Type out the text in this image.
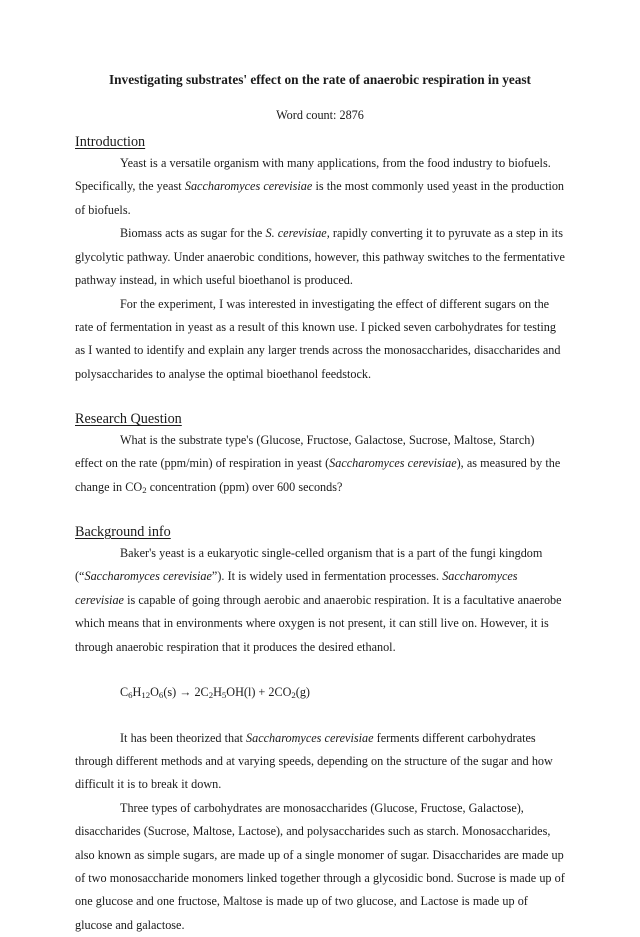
Investigating substrates' effect on the rate of anaerobic respiration in yeast
Word count: 2876
Introduction

Yeast is a versatile organism with many applications, from the food industry to biofuels. Specifically, the yeast Saccharomyces cerevisiae is the most commonly used yeast in the production of biofuels.

Biomass acts as sugar for the S. cerevisiae, rapidly converting it to pyruvate as a step in its glycolytic pathway. Under anaerobic conditions, however, this pathway switches to the fermentative pathway instead, in which useful bioethanol is produced.

For the experiment, I was interested in investigating the effect of different sugars on the rate of fermentation in yeast as a result of this known use. I picked seven carbohydrates for testing as I wanted to identify and explain any larger trends across the monosaccharides, disaccharides and polysaccharides to analyse the optimal bioethanol feedstock.

Research Question

What is the substrate type's (Glucose, Fructose, Galactose, Sucrose, Maltose, Starch) effect on the rate (ppm/min) of respiration in yeast (Saccharomyces cerevisiae), as measured by the change in $CO_2$ concentration (ppm) over 600 seconds?

Background info

Baker's yeast is a eukaryotic single-celled organism that is a part of the fungi kingdom (“Saccharomyces cerevisiae”). It is widely used in fermentation processes. Saccharomyces cerevisiae is capable of going through aerobic and anaerobic respiration. It is a facultative anaerobe which means that in environments where oxygen is not present, it can still live on. However, it is through anaerobic respiration that it produces the desired ethanol.

$C_6H_{12}O_6(s) \to 2C_2H_5OH(l) + 2CO_2(g)$

It has been theorized that Saccharomyces cerevisiae ferments different carbohydrates through different methods and at varying speeds, depending on the structure of the sugar and how difficult it is to break it down.

Three types of carbohydrates are monosaccharides (Glucose, Fructose, Galactose), disaccharides (Sucrose, Maltose, Lactose), and polysaccharides such as starch. Monosaccharides, also known as simple sugars, are made up of a single monomer of sugar. Disaccharides are made up of two monosaccharide monomers linked together through a glycosidic bond. Sucrose is made up of one glucose and one fructose, Maltose is made up of two glucose, and Lactose is made up of glucose and galactose.
